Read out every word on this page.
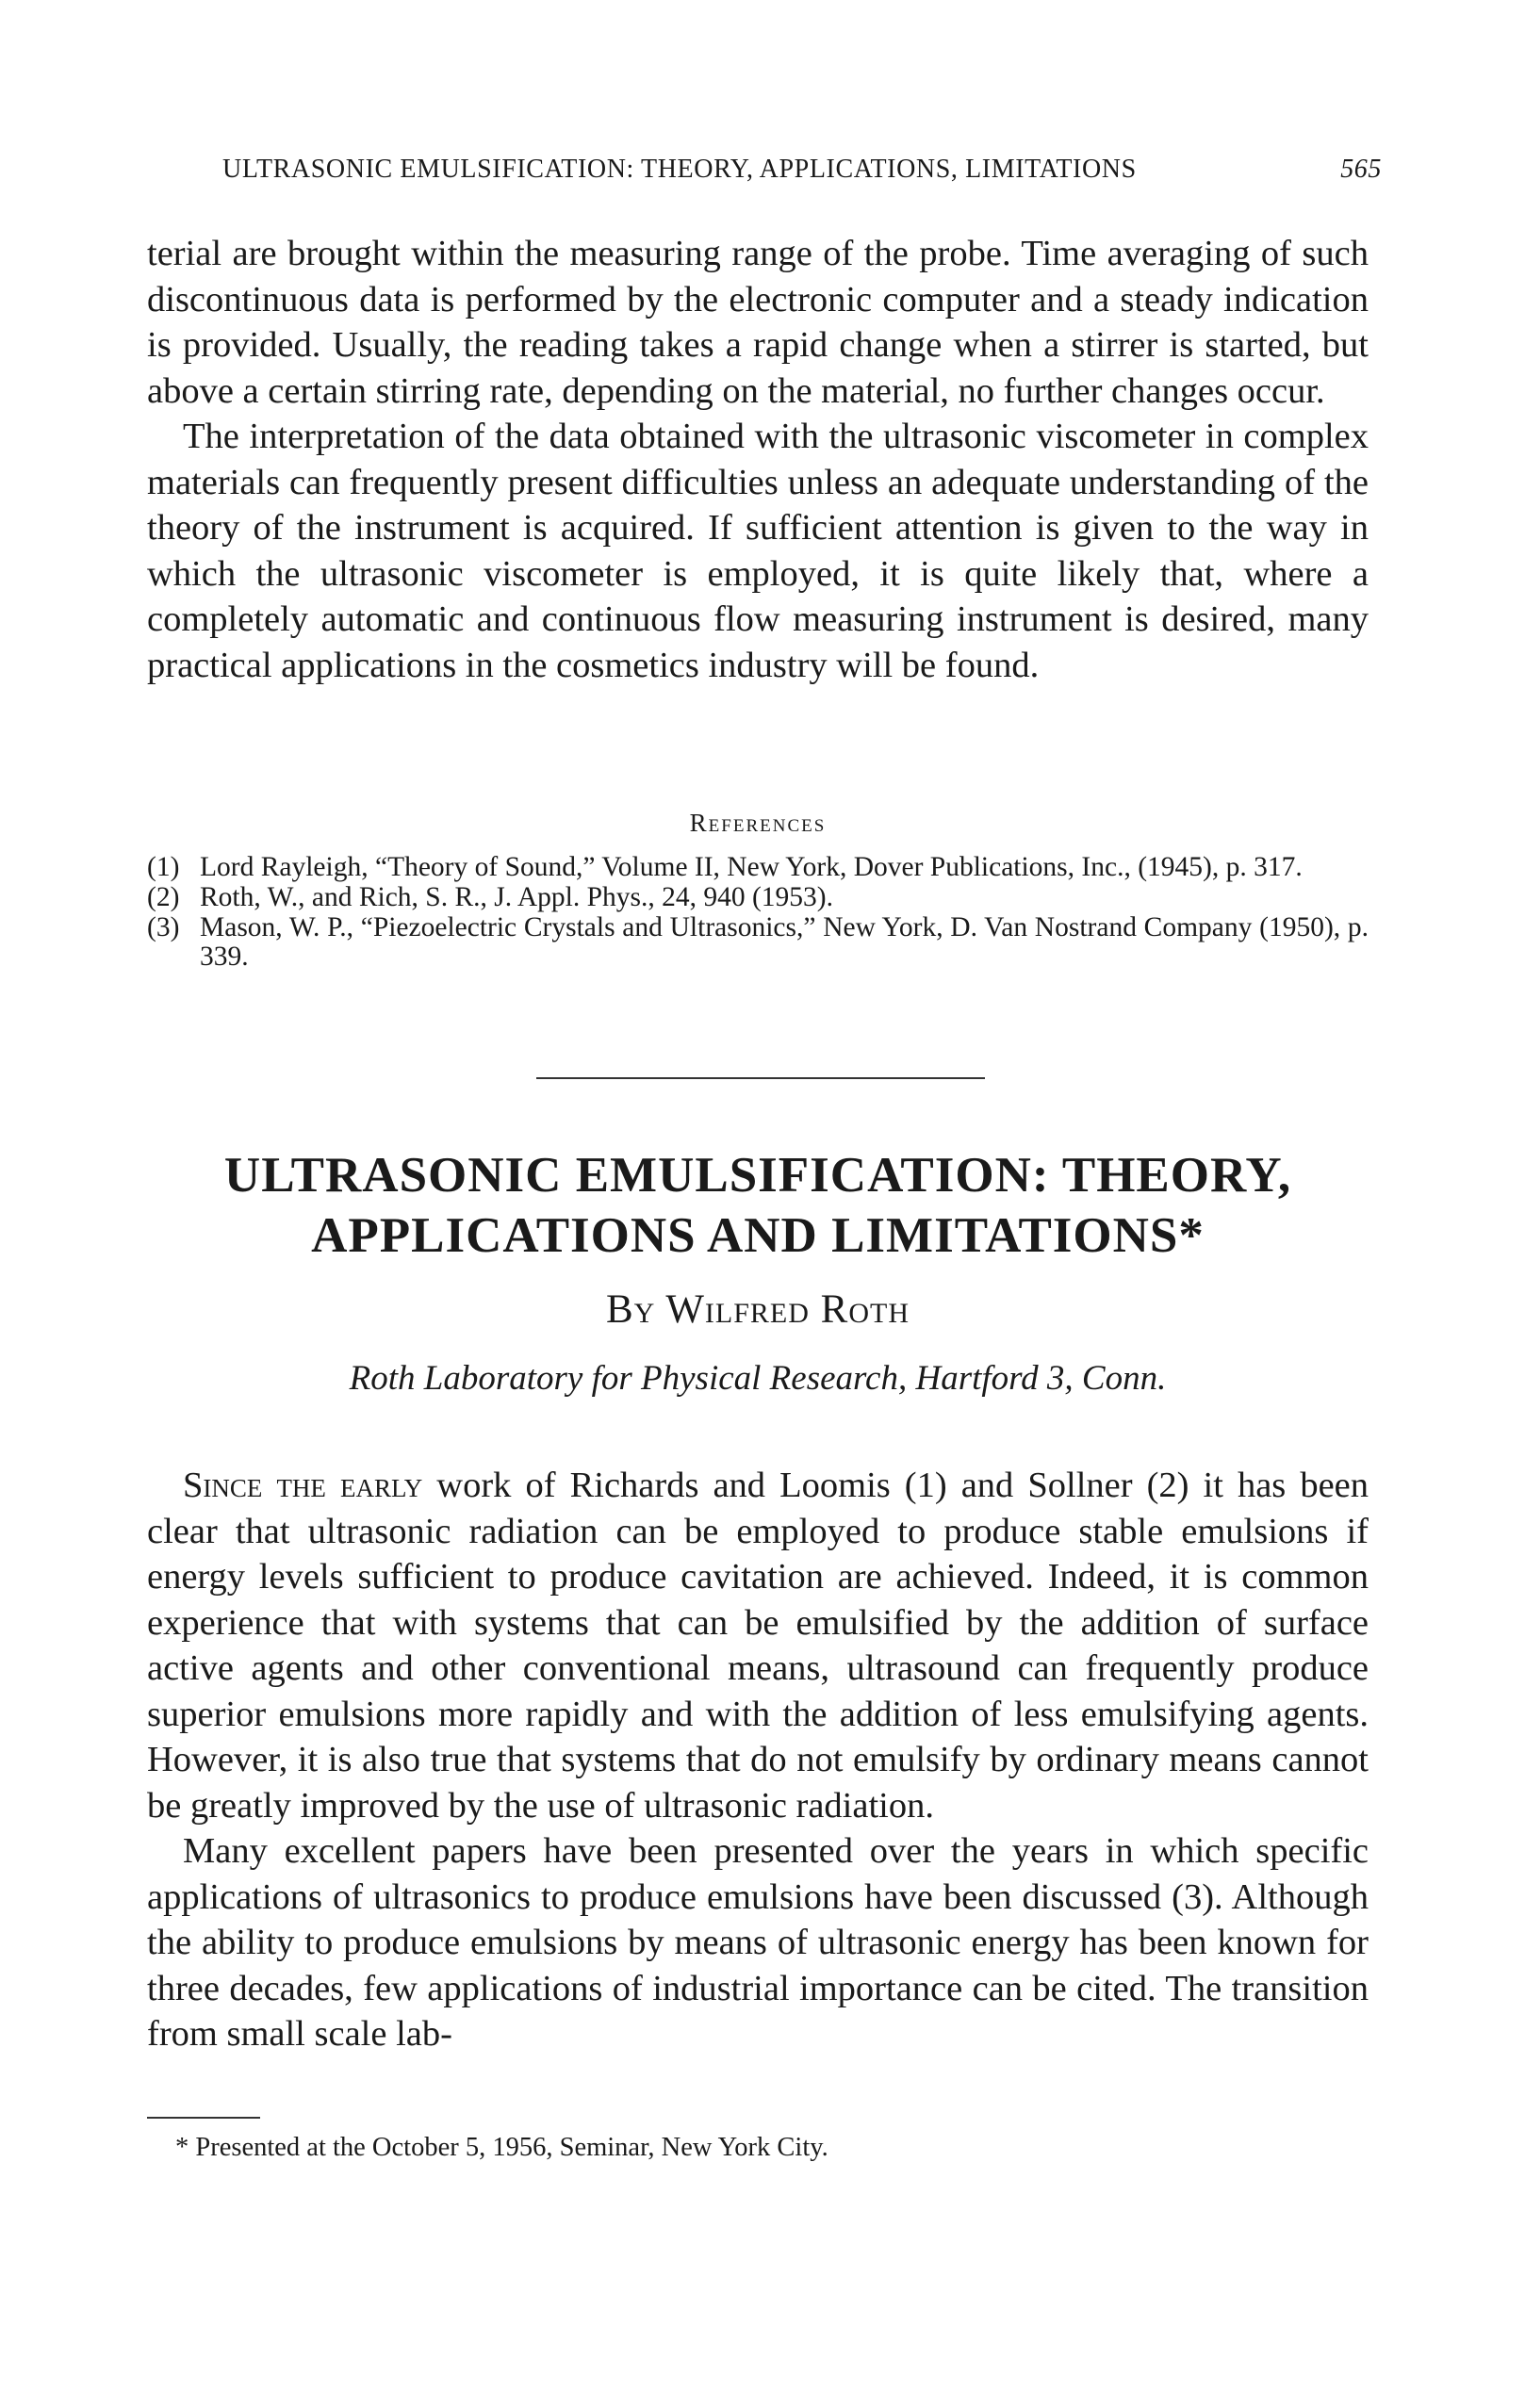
ULTRASONIC EMULSIFICATION: THEORY, APPLICATIONS, LIMITATIONS	565

terial are brought within the measuring range of the probe. Time averaging of such discontinuous data is performed by the electronic computer and a steady indication is provided. Usually, the reading takes a rapid change when a stirrer is started, but above a certain stirring rate, depending on the material, no further changes occur.

The interpretation of the data obtained with the ultrasonic viscometer in complex materials can frequently present difficulties unless an adequate understanding of the theory of the instrument is acquired. If sufficient attention is given to the way in which the ultrasonic viscometer is employed, it is quite likely that, where a completely automatic and continuous flow measuring instrument is desired, many practical applications in the cosmetics industry will be found.

References
(1) Lord Rayleigh, “Theory of Sound,” Volume II, New York, Dover Publications, Inc., (1945), p. 317.
(2) Roth, W., and Rich, S. R., J. Appl. Phys., 24, 940 (1953).
(3) Mason, W. P., “Piezoelectric Crystals and Ultrasonics,” New York, D. Van Nostrand Company (1950), p. 339.
ULTRASONIC EMULSIFICATION: THEORY,
APPLICATIONS AND LIMITATIONS*
By Wilfred Roth
Roth Laboratory for Physical Research, Hartford 3, Conn.

Since the early work of Richards and Loomis (1) and Sollner (2) it has been clear that ultrasonic radiation can be employed to produce stable emulsions if energy levels sufficient to produce cavitation are achieved. Indeed, it is common experience that with systems that can be emulsified by the addition of surface active agents and other conventional means, ultrasound can frequently produce superior emulsions more rapidly and with the addition of less emulsifying agents. However, it is also true that systems that do not emulsify by ordinary means cannot be greatly improved by the use of ultrasonic radiation.

Many excellent papers have been presented over the years in which specific applications of ultrasonics to produce emulsions have been discussed (3). Although the ability to produce emulsions by means of ultrasonic energy has been known for three decades, few applications of industrial importance can be cited. The transition from small scale lab-

* Presented at the October 5, 1956, Seminar, New York City.
